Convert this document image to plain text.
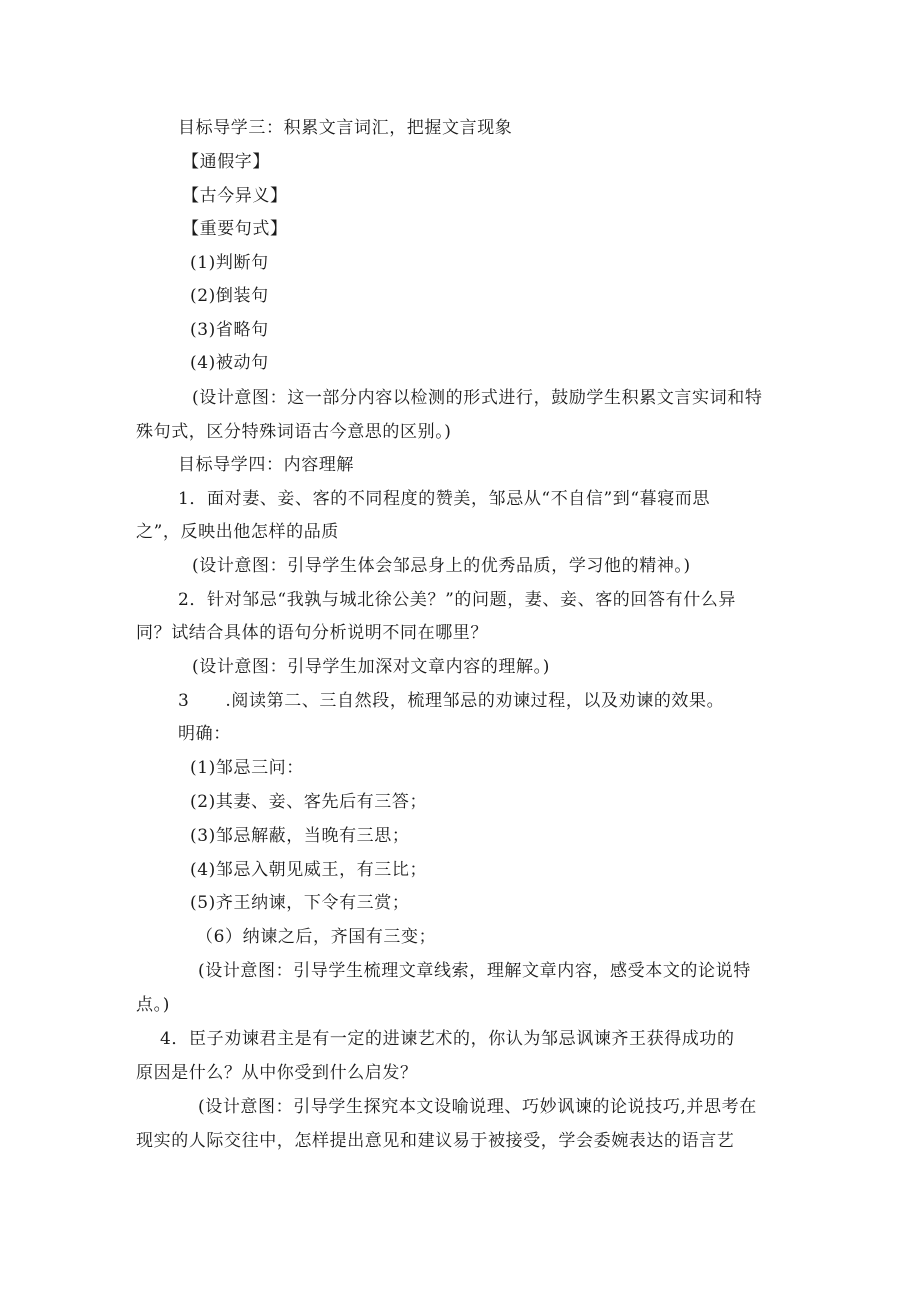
目标导学三：积累文言词汇，把握文言现象
【通假字】
【古今异义】
【重要句式】
(1)判断句
(2)倒装句
(3)省略句
(4)被动句
(设计意图：这一部分内容以检测的形式进行，鼓励学生积累文言实词和特
殊句式，区分特殊词语古今意思的区别。)
目标导学四：内容理解
1．面对妻、妾、客的不同程度的赞美，邹忌从“不自信”到“暮寝而思
之”，反映出他怎样的品质
(设计意图：引导学生体会邹忌身上的优秀品质，学习他的精神。)
2．针对邹忌“我孰与城北徐公美？”的问题，妻、妾、客的回答有什么异
同？试结合具体的语句分析说明不同在哪里？
(设计意图：引导学生加深对文章内容的理解。)
3 .阅读第二、三自然段，梳理邹忌的劝谏过程，以及劝谏的效果。
明确：
(1)邹忌三问：
(2)其妻、妾、客先后有三答；
(3)邹忌解蔽，当晚有三思；
(4)邹忌入朝见威王，有三比；
(5)齐王纳谏，下令有三赏；
（6）纳谏之后，齐国有三变；
(设计意图：引导学生梳理文章线索，理解文章内容，感受本文的论说特
点。)
4．臣子劝谏君主是有一定的进谏艺术的，你认为邹忌讽谏齐王获得成功的
原因是什么？从中你受到什么启发？
(设计意图：引导学生探究本文设喻说理、巧妙讽谏的论说技巧,并思考在
现实的人际交往中，怎样提出意见和建议易于被接受，学会委婉表达的语言艺
